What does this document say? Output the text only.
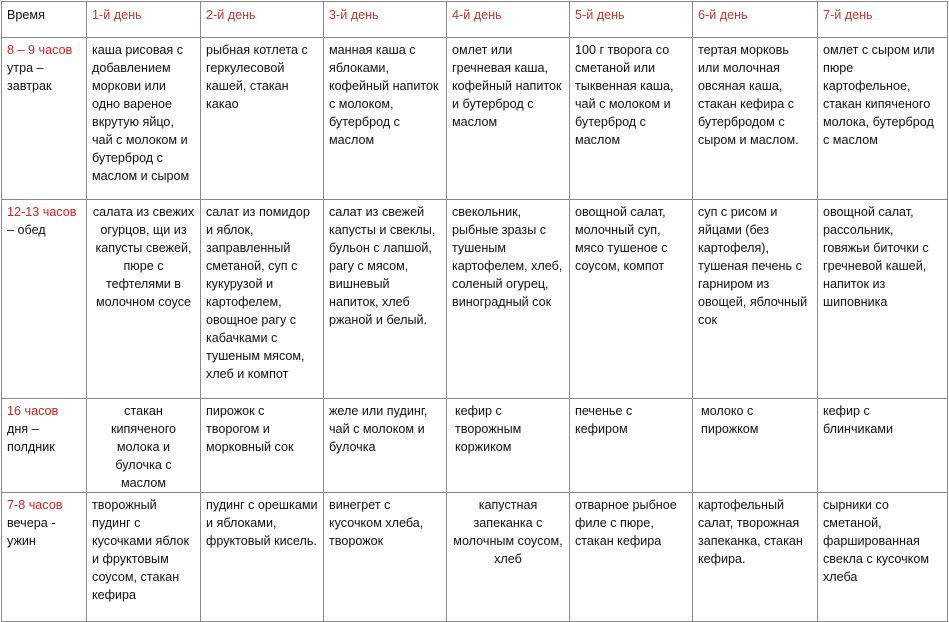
Время	1-й день	2-й день	3-й день	4-й день	5-й день	6-й день	7-й день
8 – 9 часов утра – завтрак	каша рисовая с добавлением моркови или одно вареное вкрутую яйцо, чай с молоком и бутерброд с маслом и сыром	рыбная котлета с геркулесовой кашей, стакан какао	манная каша с яблоками, кофейный напиток с молоком, бутерброд с маслом	омлет или гречневая каша, кофейный напиток и бутерброд с маслом	100 г творога со сметаной или тыквенная каша, чай с молоком и бутерброд с маслом	тертая морковь или молочная овсяная каша, стакан кефира с бутербродом с сыром и маслом.	омлет с сыром или пюре картофельное, стакан кипяченого молока, бутерброд с маслом
12-13 часов – обед	салата из свежих огурцов, щи из капусты свежей, пюре с тефтелями в молочном соусе	салат из помидор и яблок, заправленный сметаной, суп с кукурузой и картофелем, овощное рагу с кабачками с тушеным мясом, хлеб и компот	салат из свежей капусты и свеклы, бульон с лапшой, рагу с мясом, вишневый напиток, хлеб ржаной и белый.	свекольник, рыбные зразы с тушеным картофелем, хлеб, соленый огурец, виноградный сок	овощной салат, молочный суп, мясо тушеное с соусом, компот	суп с рисом и яйцами (без картофеля), тушеная печень с гарниром из овощей, яблочный сок	овощной салат, рассольник, говяжьи биточки с гречневой кашей, напиток из шиповника
16 часов дня – полдник	стакан кипяченого молока и булочка с маслом	пирожок с творогом и морковный сок	желе или пудинг, чай с молоком и булочка	кефир с творожным коржиком	печенье с кефиром	молоко с пирожком	кефир с блинчиками
7-8 часов вечера - ужин	творожный пудинг с кусочками яблок и фруктовым соусом, стакан кефира	пудинг с орешками и яблоками, фруктовый кисель.	винегрет с кусочком хлеба, творожок	капустная запеканка с молочным соусом, хлеб	отварное рыбное филе с пюре, стакан кефира	картофельный салат, творожная запеканка, стакан кефира.	сырники со сметаной, фаршированная свекла с кусочком хлеба
